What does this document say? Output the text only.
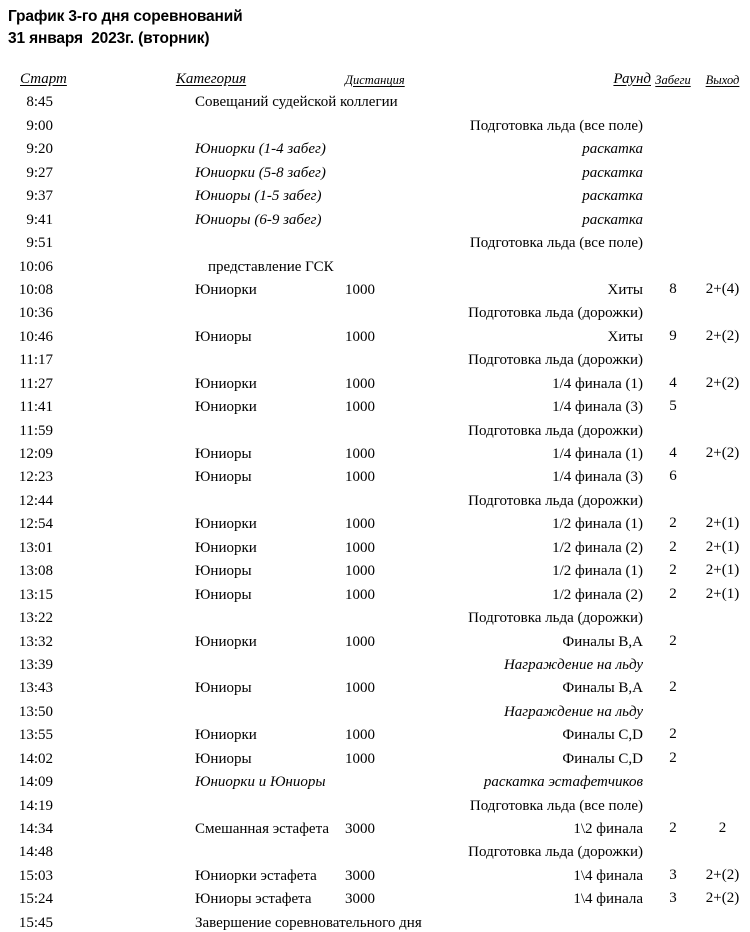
График 3-го дня соревнований
31 января  2023г. (вторник)
Старт	Категория	Дистанция	Раунд	Забеги	Выход
8:45	Совещаний судейской коллегии				
9:00			Подготовка льда (все поле)		
9:20	Юниорки (1-4 забег)		раскатка		
9:27	Юниорки (5-8 забег)		раскатка		
9:37	Юниоры (1-5 забег)		раскатка		
9:41	Юниоры (6-9 забег)		раскатка		
9:51			Подготовка льда (все поле)		
10:06	представление ГСК				
10:08	Юниорки	1000	Хиты	8	2+(4)
10:36			Подготовка льда (дорожки)		
10:46	Юниоры	1000	Хиты	9	2+(2)
11:17			Подготовка льда (дорожки)		
11:27	Юниорки	1000	1/4 финала (1)	4	2+(2)
11:41	Юниорки	1000	1/4 финала (3)	5	
11:59			Подготовка льда (дорожки)		
12:09	Юниоры	1000	1/4 финала (1)	4	2+(2)
12:23	Юниоры	1000	1/4 финала (3)	6	
12:44			Подготовка льда (дорожки)		
12:54	Юниорки	1000	1/2 финала (1)	2	2+(1)
13:01	Юниорки	1000	1/2 финала (2)	2	2+(1)
13:08	Юниоры	1000	1/2 финала (1)	2	2+(1)
13:15	Юниоры	1000	1/2 финала (2)	2	2+(1)
13:22			Подготовка льда (дорожки)		
13:32	Юниорки	1000	Финалы B,A	2	
13:39			Награждение на льду		
13:43	Юниоры	1000	Финалы B,A	2	
13:50			Награждение на льду		
13:55	Юниорки	1000	Финалы C,D	2	
14:02	Юниоры	1000	Финалы C,D	2	
14:09	Юниорки и Юниоры		раскатка эстафетчиков		
14:19			Подготовка льда (все поле)		
14:34	Смешанная эстафета	3000	1\2 финала	2	2
14:48			Подготовка льда (дорожки)		
15:03	Юниорки эстафета	3000	1\4 финала	3	2+(2)
15:24	Юниоры эстафета	3000	1\4 финала	3	2+(2)
15:45	Завершение соревновательного дня				
